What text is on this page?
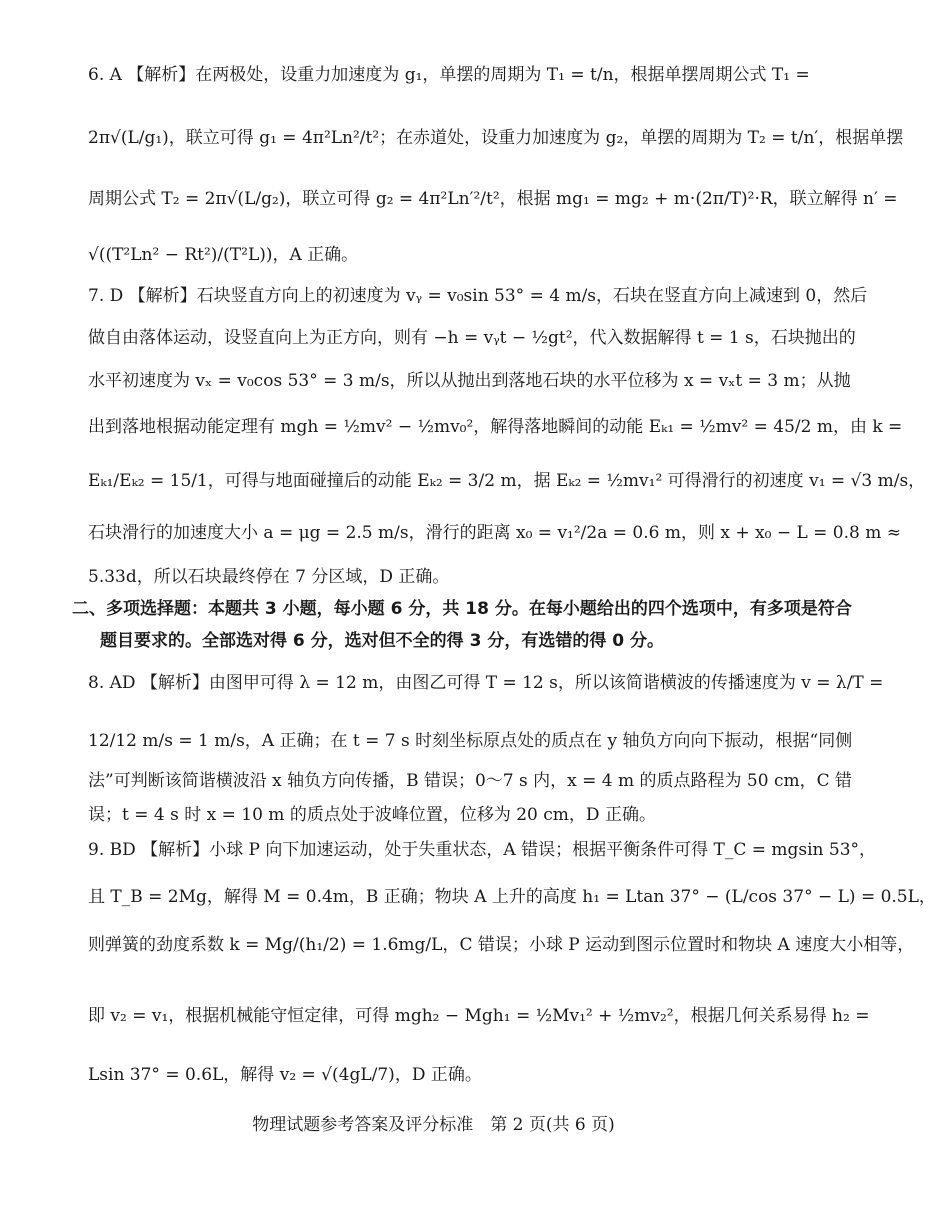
6. A 【解析】在两极处，设重力加速度为 g₁，单摆的周期为 T₁ = t/n，根据单摆周期公式 T₁ =
2π√(L/g₁)，联立可得 g₁ = 4π²Ln²/t²；在赤道处，设重力加速度为 g₂，单摆的周期为 T₂ = t/n′，根据单摆
周期公式 T₂ = 2π√(L/g₂)，联立可得 g₂ = 4π²Ln′²/t²，根据 mg₁ = mg₂ + m·(2π/T)²·R，联立解得 n′ =
√((T²Ln² − Rt²)/(T²L))，A 正确。
7. D 【解析】石块竖直方向上的初速度为 vᵧ = v₀sin 53° = 4 m/s，石块在竖直方向上减速到 0，然后
做自由落体运动，设竖直向上为正方向，则有 −h = vᵧt − ½gt²，代入数据解得 t = 1 s，石块抛出的
水平初速度为 vₓ = v₀cos 53° = 3 m/s，所以从抛出到落地石块的水平位移为 x = vₓt = 3 m；从抛
出到落地根据动能定理有 mgh = ½mv² − ½mv₀²，解得落地瞬间的动能 Eₖ₁ = ½mv² = 45/2 m，由 k =
Eₖ₁/Eₖ₂ = 15/1，可得与地面碰撞后的动能 Eₖ₂ = 3/2 m，据 Eₖ₂ = ½mv₁² 可得滑行的初速度 v₁ = √3 m/s，
石块滑行的加速度大小 a = μg = 2.5 m/s，滑行的距离 x₀ = v₁²/2a = 0.6 m，则 x + x₀ − L = 0.8 m ≈
5.33d，所以石块最终停在 7 分区域，D 正确。
二、多项选择题：本题共 3 小题，每小题 6 分，共 18 分。在每小题给出的四个选项中，有多项是符合
题目要求的。全部选对得 6 分，选对但不全的得 3 分，有选错的得 0 分。
8. AD 【解析】由图甲可得 λ = 12 m，由图乙可得 T = 12 s，所以该简谐横波的传播速度为 v = λ/T =
12/12 m/s = 1 m/s，A 正确；在 t = 7 s 时刻坐标原点处的质点在 y 轴负方向向下振动，根据“同侧
法”可判断该简谐横波沿 x 轴负方向传播，B 错误；0～7 s 内，x = 4 m 的质点路程为 50 cm，C 错
误；t = 4 s 时 x = 10 m 的质点处于波峰位置，位移为 20 cm，D 正确。
9. BD 【解析】小球 P 向下加速运动，处于失重状态，A 错误；根据平衡条件可得 T_C = mgsin 53°，
且 T_B = 2Mg，解得 M = 0.4m，B 正确；物块 A 上升的高度 h₁ = Ltan 37° − (L/cos 37° − L) = 0.5L，
则弹簧的劲度系数 k = Mg/(h₁/2) = 1.6mg/L，C 错误；小球 P 运动到图示位置时和物块 A 速度大小相等，
即 v₂ = v₁，根据机械能守恒定律，可得 mgh₂ − Mgh₁ = ½Mv₁² + ½mv₂²，根据几何关系易得 h₂ =
Lsin 37° = 0.6L，解得 v₂ = √(4gL/7)，D 正确。
物理试题参考答案及评分标准　第 2 页(共 6 页)
